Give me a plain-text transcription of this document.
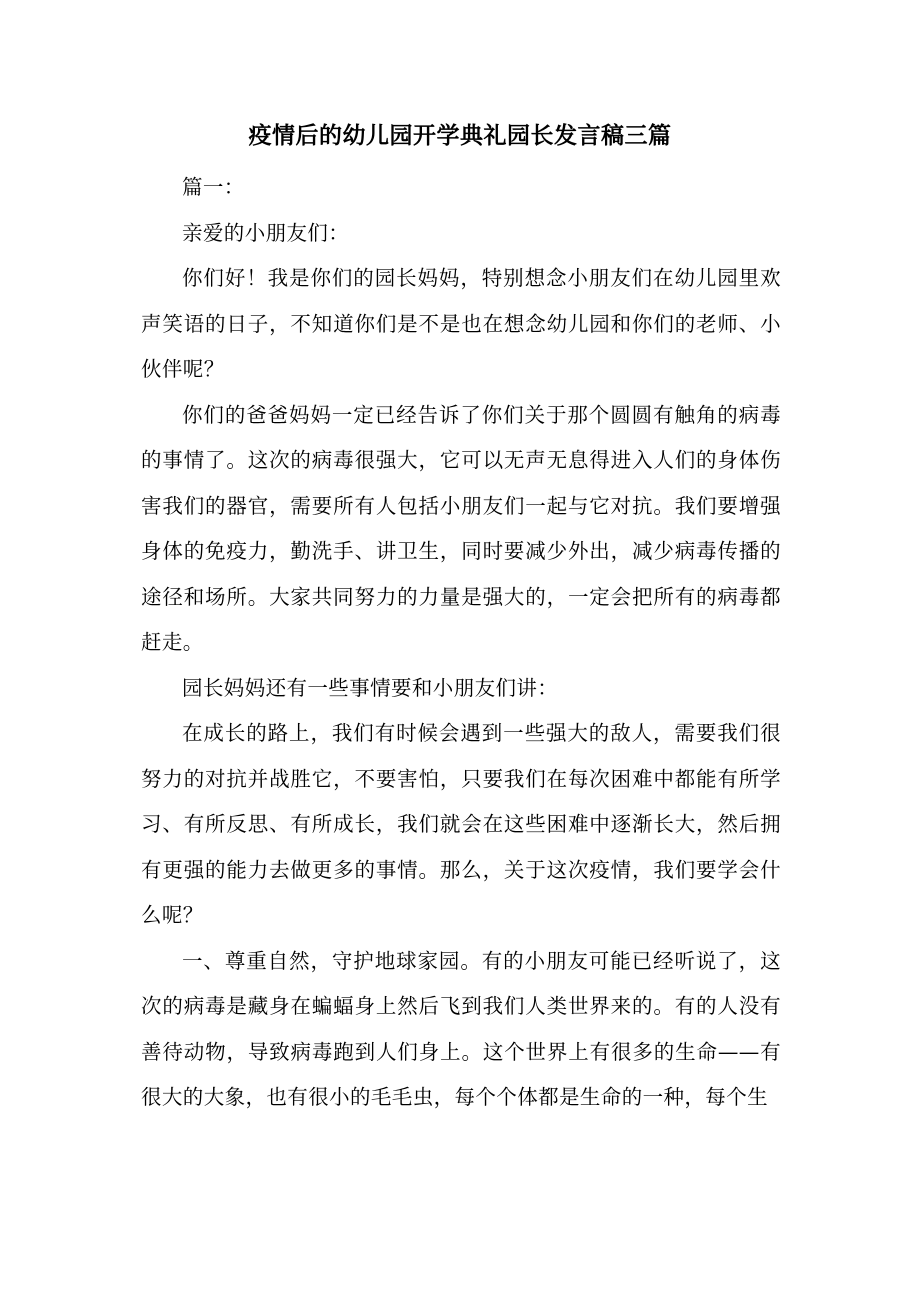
疫情后的幼儿园开学典礼园长发言稿三篇

篇一：

亲爱的小朋友们：

你们好！我是你们的园长妈妈，特别想念小朋友们在幼儿园里欢声笑语的日子，不知道你们是不是也在想念幼儿园和你们的老师、小伙伴呢？

你们的爸爸妈妈一定已经告诉了你们关于那个圆圆有触角的病毒的事情了。这次的病毒很强大，它可以无声无息得进入人们的身体伤害我们的器官，需要所有人包括小朋友们一起与它对抗。我们要增强身体的免疫力，勤洗手、讲卫生，同时要减少外出，减少病毒传播的途径和场所。大家共同努力的力量是强大的，一定会把所有的病毒都赶走。

园长妈妈还有一些事情要和小朋友们讲：

在成长的路上，我们有时候会遇到一些强大的敌人，需要我们很努力的对抗并战胜它，不要害怕，只要我们在每次困难中都能有所学习、有所反思、有所成长，我们就会在这些困难中逐渐长大，然后拥有更强的能力去做更多的事情。那么，关于这次疫情，我们要学会什么呢？

一、尊重自然，守护地球家园。有的小朋友可能已经听说了，这次的病毒是藏身在蝙蝠身上然后飞到我们人类世界来的。有的人没有善待动物，导致病毒跑到人们身上。这个世界上有很多的生命——有很大的大象，也有很小的毛毛虫，每个个体都是生命的一种，每个生
